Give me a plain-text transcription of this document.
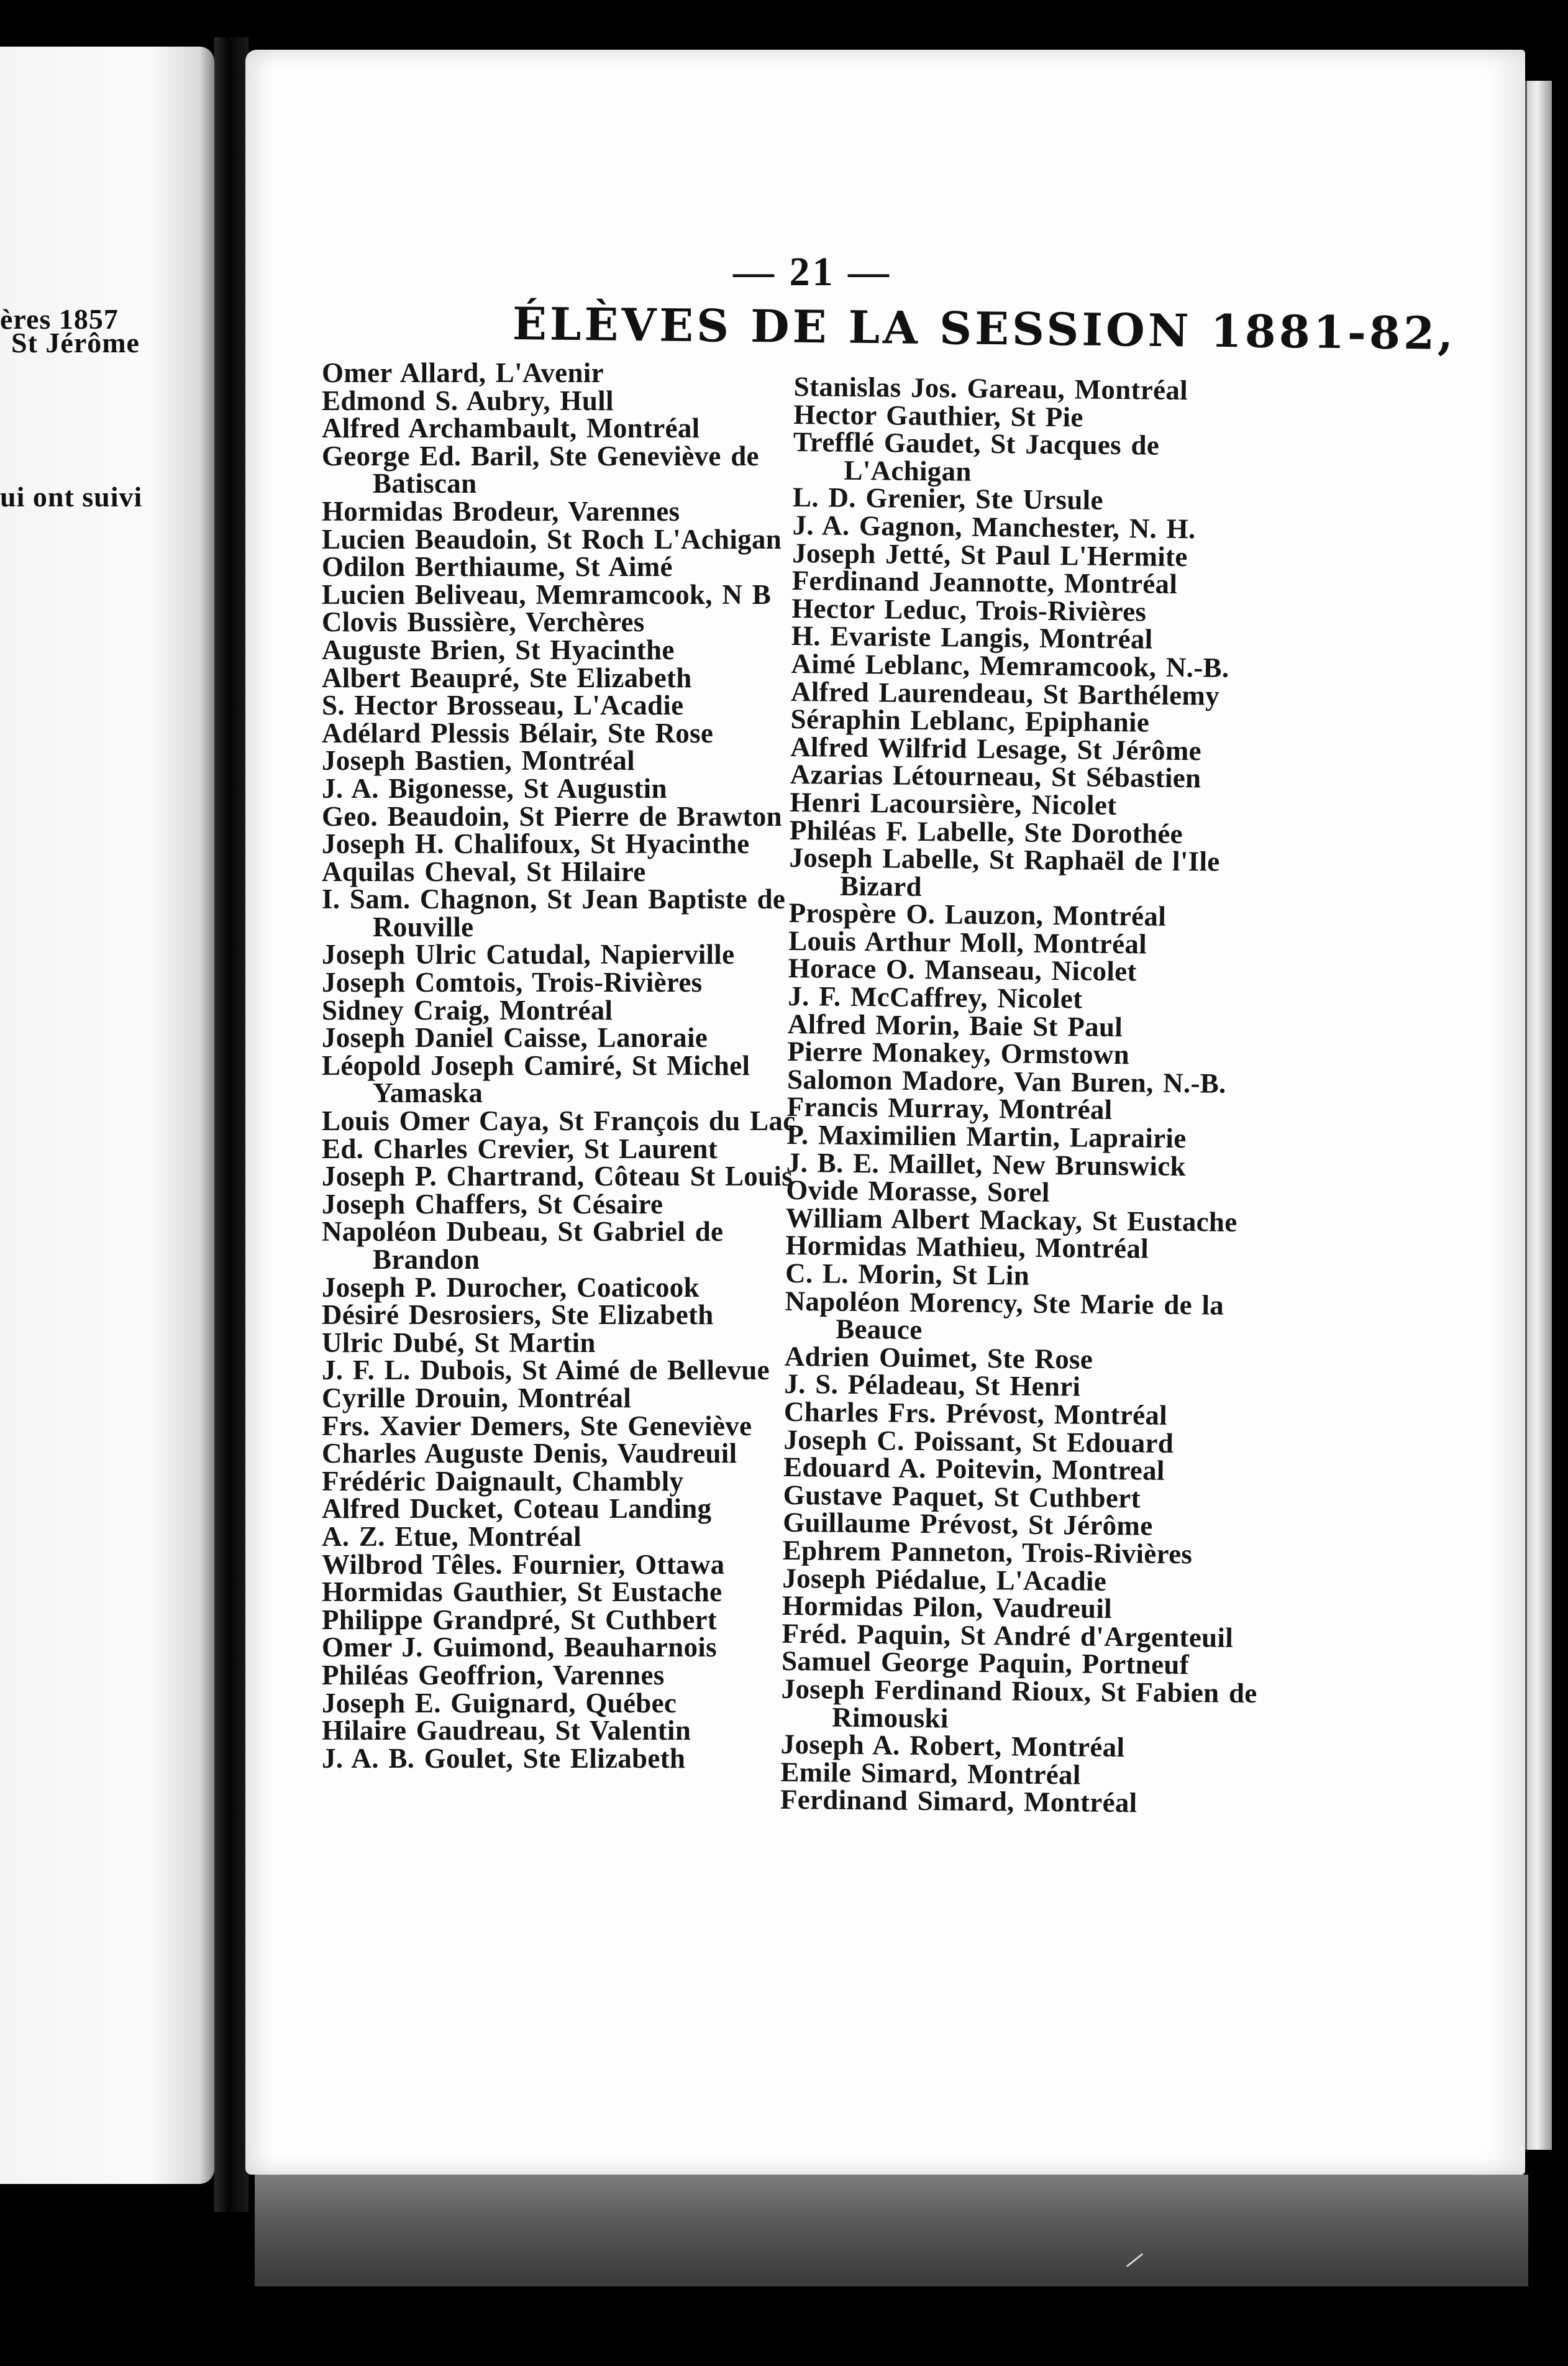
ères 1857
St Jérôme
ui ont suivi
⸝
— 21 —
ÉLÈVES DE LA SESSION 1881-82,
Omer Allard, L'Avenir
Edmond S. Aubry, Hull
Alfred Archambault, Montréal
George Ed. Baril, Ste Geneviève de Batiscan
Hormidas Brodeur, Varennes
Lucien Beaudoin, St Roch L'Achigan
Odilon Berthiaume, St Aimé
Lucien Beliveau, Memramcook, N B
Clovis Bussière, Verchères
Auguste Brien, St Hyacinthe
Albert Beaupré, Ste Elizabeth
S. Hector Brosseau, L'Acadie
Adélard Plessis Bélair, Ste Rose
Joseph Bastien, Montréal
J. A. Bigonesse, St Augustin
Geo. Beaudoin, St Pierre de Brawton
Joseph H. Chalifoux, St Hyacinthe
Aquilas Cheval, St Hilaire
I. Sam. Chagnon, St Jean Baptiste de Rouville
Joseph Ulric Catudal, Napierville
Joseph Comtois, Trois-Rivières
Sidney Craig, Montréal
Joseph Daniel Caisse, Lanoraie
Léopold Joseph Camiré, St Michel Yamaska
Louis Omer Caya, St François du Lac
Ed. Charles Crevier, St Laurent
Joseph P. Chartrand, Côteau St Louis
Joseph Chaffers, St Césaire
Napoléon Dubeau, St Gabriel de Brandon
Joseph P. Durocher, Coaticook
Désiré Desrosiers, Ste Elizabeth
Ulric Dubé, St Martin
J. F. L. Dubois, St Aimé de Bellevue
Cyrille Drouin, Montréal
Frs. Xavier Demers, Ste Geneviève
Charles Auguste Denis, Vaudreuil
Frédéric Daignault, Chambly
Alfred Ducket, Coteau Landing
A. Z. Etue, Montréal
Wilbrod Têles. Fournier, Ottawa
Hormidas Gauthier, St Eustache
Philippe Grandpré, St Cuthbert
Omer J. Guimond, Beauharnois
Philéas Geoffrion, Varennes
Joseph E. Guignard, Québec
Hilaire Gaudreau, St Valentin
J. A. B. Goulet, Ste Elizabeth
Stanislas Jos. Gareau, Montréal
Hector Gauthier, St Pie
Trefflé Gaudet, St Jacques de L'Achigan
L. D. Grenier, Ste Ursule
J. A. Gagnon, Manchester, N. H.
Joseph Jetté, St Paul L'Hermite
Ferdinand Jeannotte, Montréal
Hector Leduc, Trois-Rivières
H. Evariste Langis, Montréal
Aimé Leblanc, Memramcook, N.-B.
Alfred Laurendeau, St Barthélemy
Séraphin Leblanc, Epiphanie
Alfred Wilfrid Lesage, St Jérôme
Azarias Létourneau, St Sébastien
Henri Lacoursière, Nicolet
Philéas F. Labelle, Ste Dorothée
Joseph Labelle, St Raphaël de l'Ile Bizard
Prospère O. Lauzon, Montréal
Louis Arthur Moll, Montréal
Horace O. Manseau, Nicolet
J. F. McCaffrey, Nicolet
Alfred Morin, Baie St Paul
Pierre Monakey, Ormstown
Salomon Madore, Van Buren, N.-B.
Francis Murray, Montréal
P. Maximilien Martin, Laprairie
J. B. E. Maillet, New Brunswick
Ovide Morasse, Sorel
William Albert Mackay, St Eustache
Hormidas Mathieu, Montréal
C. L. Morin, St Lin
Napoléon Morency, Ste Marie de la Beauce
Adrien Ouimet, Ste Rose
J. S. Péladeau, St Henri
Charles Frs. Prévost, Montréal
Joseph C. Poissant, St Edouard
Edouard A. Poitevin, Montreal
Gustave Paquet, St Cuthbert
Guillaume Prévost, St Jérôme
Ephrem Panneton, Trois-Rivières
Joseph Piédalue, L'Acadie
Hormidas Pilon, Vaudreuil
Fréd. Paquin, St André d'Argenteuil
Samuel George Paquin, Portneuf
Joseph Ferdinand Rioux, St Fabien de Rimouski
Joseph A. Robert, Montréal
Emile Simard, Montréal
Ferdinand Simard, Montréal
